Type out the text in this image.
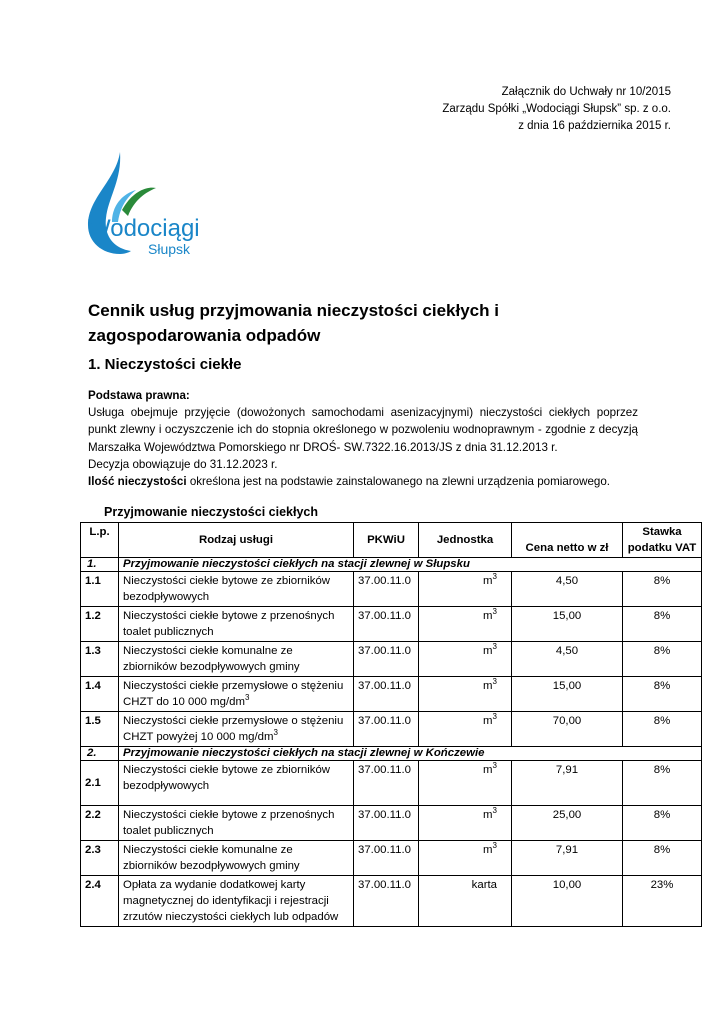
Załącznik do Uchwały nr 10/2015
Zarządu Spółki „Wodociągi Słupsk” sp. z o.o.
z dnia 16 października 2015 r.
Wodociągi
Słupsk
Cennik usług przyjmowania nieczystości ciekłych i zagospodarowania odpadów
1. Nieczystości ciekłe

Podstawa prawna:

Usługa obejmuje przyjęcie (dowożonych samochodami asenizacyjnymi) nieczystości ciekłych poprzez punkt zlewny i oczyszczenie ich do stopnia określonego w pozwoleniu wodnoprawnym - zgodnie z decyzją Marszałka Województwa Pomorskiego nr DROŚ- SW.7322.16.2013/JS z dnia 31.12.2013 r.

Decyzja obowiązuje do 31.12.2023 r.

Ilość nieczystości określona jest na podstawie zainstalowanego na zlewni urządzenia pomiarowego.

Przyjmowanie nieczystości ciekłych
L.p.	Rodzaj usługi	PKWiU	Jednostka	Cena netto w zł	Stawka podatku VAT
1.	Przyjmowanie nieczystości ciekłych na stacji zlewnej w Słupsku				
1.1	Nieczystości ciekłe bytowe ze zbiorników bezodpływowych	37.00.11.0	$m^3$	4,50	8%
1.2	Nieczystości ciekłe bytowe z przenośnych toalet publicznych	37.00.11.0	$m^3$	15,00	8%
1.3	Nieczystości ciekłe komunalne ze zbiorników bezodpływowych gminy	37.00.11.0	$m^3$	4,50	8%
1.4	Nieczystości ciekłe przemysłowe o stężeniu CHZT do 10 000 $mg/dm^3$	37.00.11.0	$m^3$	15,00	8%
1.5	Nieczystości ciekłe przemysłowe o stężeniu CHZT powyżej 10 000 $mg/dm^3$	37.00.11.0	$m^3$	70,00	8%
2.	Przyjmowanie nieczystości ciekłych na stacji zlewnej w Kończewie				
2.1	Nieczystości ciekłe bytowe ze zbiorników bezodpływowych	37.00.11.0	$m^3$	7,91	8%
2.2	Nieczystości ciekłe bytowe z przenośnych toalet publicznych	37.00.11.0	$m^3$	25,00	8%
2.3	Nieczystości ciekłe komunalne ze zbiorników bezodpływowych gminy	37.00.11.0	$m^3$	7,91	8%
2.4	Opłata za wydanie dodatkowej karty magnetycznej do identyfikacji i rejestracji zrzutów nieczystości ciekłych lub odpadów	37.00.11.0	karta	10,00	23%
